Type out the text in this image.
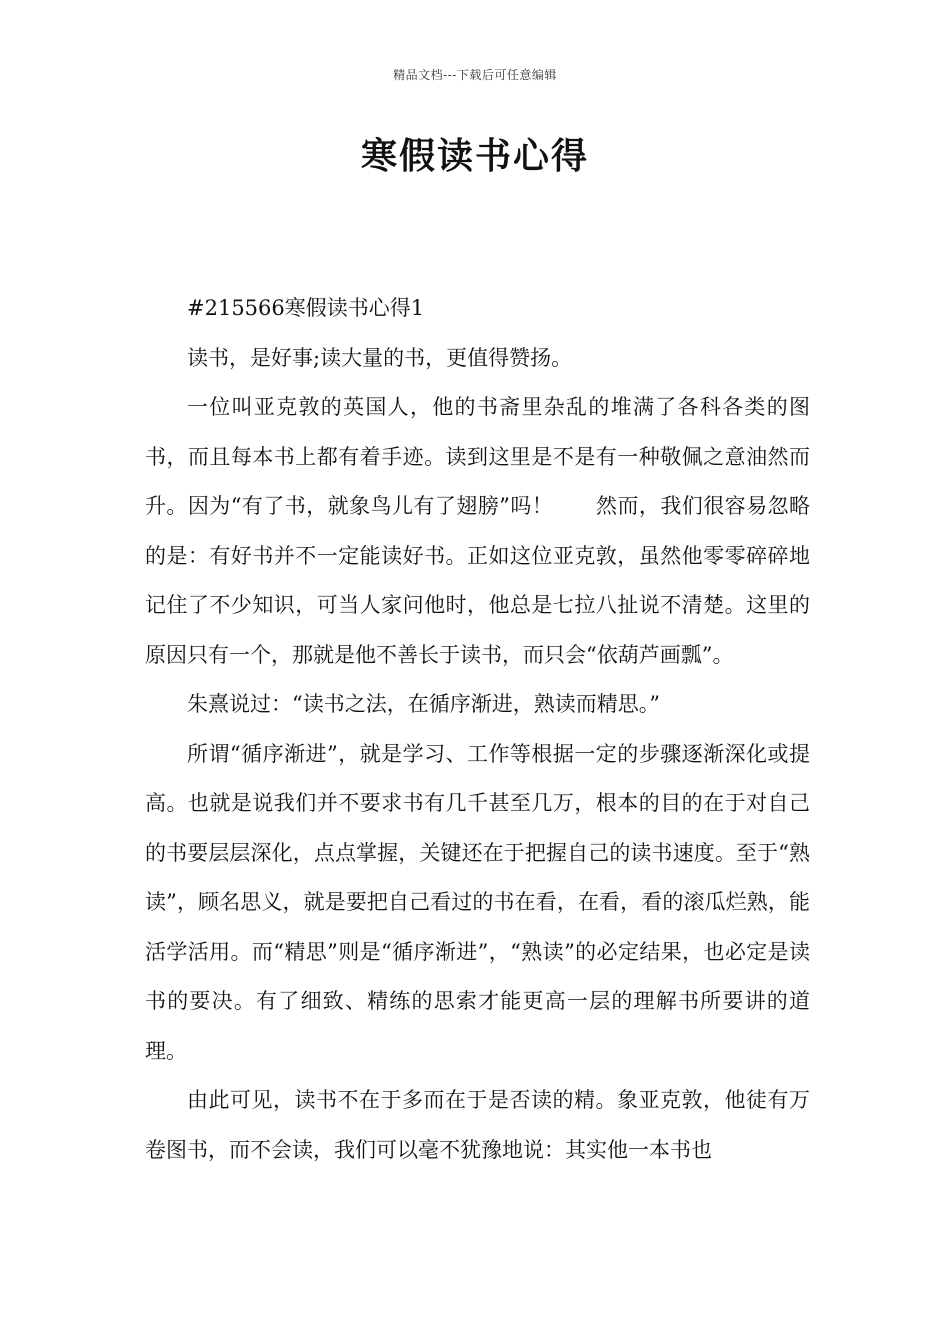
精品文档---下载后可任意编辑
寒假读书心得

#215566寒假读书心得1

读书，是好事;读大量的书，更值得赞扬。

一位叫亚克敦的英国人，他的书斋里杂乱的堆满了各科各类的图书，而且每本书上都有着手迹。读到这里是不是有一种敬佩之意油然而升。因为“有了书，就象鸟儿有了翅膀”吗！　　然而，我们很容易忽略的是：有好书并不一定能读好书。正如这位亚克敦，虽然他零零碎碎地记住了不少知识，可当人家问他时，他总是七拉八扯说不清楚。这里的原因只有一个，那就是他不善长于读书，而只会“依葫芦画瓢”。

朱熹说过：“读书之法，在循序渐进，熟读而精思。”

所谓“循序渐进”，就是学习、工作等根据一定的步骤逐渐深化或提高。也就是说我们并不要求书有几千甚至几万，根本的目的在于对自己的书要层层深化，点点掌握，关键还在于把握自己的读书速度。至于“熟读”，顾名思义，就是要把自己看过的书在看，在看，看的滚瓜烂熟，能活学活用。而“精思”则是“循序渐进”，“熟读”的必定结果，也必定是读书的要决。有了细致、精练的思索才能更高一层的理解书所要讲的道理。

由此可见，读书不在于多而在于是否读的精。象亚克敦，他徒有万卷图书，而不会读，我们可以毫不犹豫地说：其实他一本书也
